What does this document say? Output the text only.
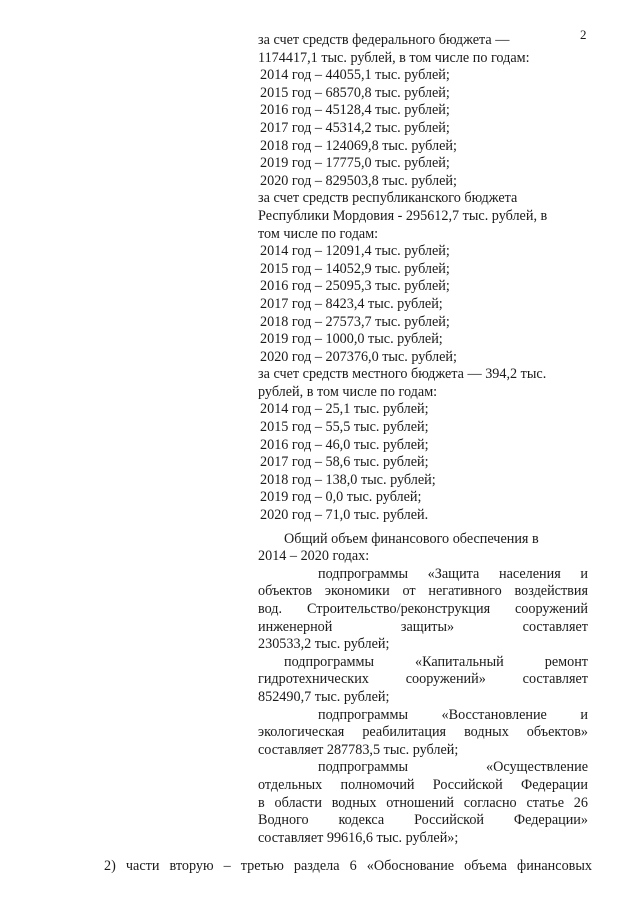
2
за счет средств федерального бюджета —
1174417,1 тыс. рублей, в том числе по годам:
2014 год – 44055,1 тыс. рублей;
2015 год – 68570,8 тыс. рублей;
2016 год – 45128,4 тыс. рублей;
2017 год – 45314,2 тыс. рублей;
2018 год – 124069,8 тыс. рублей;
2019 год – 17775,0 тыс. рублей;
2020 год – 829503,8 тыс. рублей;
за счет средств республиканского бюджета
Республики Мордовия - 295612,7 тыс. рублей, в
том числе по годам:
2014 год – 12091,4 тыс. рублей;
2015 год – 14052,9 тыс. рублей;
2016 год – 25095,3 тыс. рублей;
2017 год – 8423,4 тыс. рублей;
2018 год – 27573,7 тыс. рублей;
2019 год – 1000,0 тыс. рублей;
2020 год – 207376,0 тыс. рублей;
за счет средств местного бюджета — 394,2 тыс.
рублей, в том числе по годам:
2014 год – 25,1 тыс. рублей;
2015 год – 55,5 тыс. рублей;
2016 год – 46,0 тыс. рублей;
2017 год – 58,6 тыс. рублей;
2018 год – 138,0 тыс. рублей;
2019 год – 0,0 тыс. рублей;
2020 год – 71,0 тыс. рублей.
Общий объем финансового обеспечения в
2014 – 2020 годах:
подпрограммы «Защита населения и
объектов экономики от негативного воздействия
вод. Строительство/реконструкция сооружений
инженерной защиты» составляет
230533,2 тыс. рублей;
подпрограммы «Капитальный ремонт
гидротехнических сооружений» составляет
852490,7 тыс. рублей;
подпрограммы «Восстановление и
экологическая реабилитация водных объектов»
составляет 287783,5 тыс. рублей;
подпрограммы «Осуществление
отдельных полномочий Российской Федерации
в области водных отношений согласно статье 26
Водного кодекса Российской Федерации»
составляет 99616,6 тыс. рублей»;
2) части вторую – третью раздела 6 «Обоснование объема финансовых
